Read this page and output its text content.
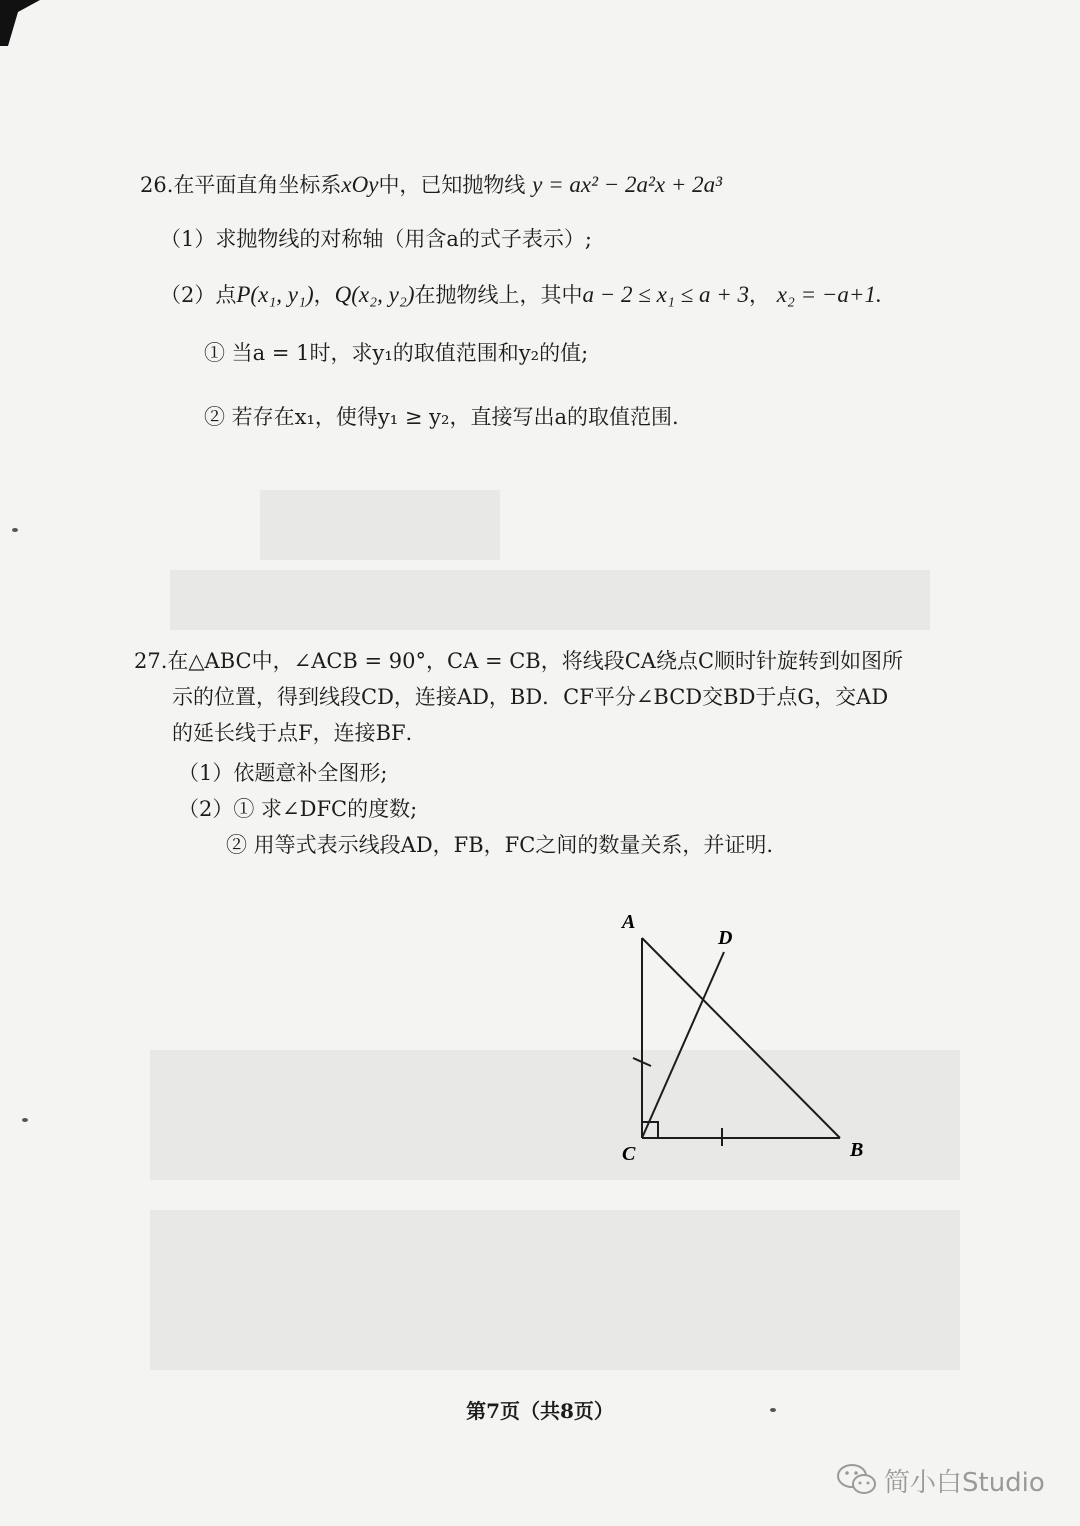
26.在平面直角坐标系xOy中，已知抛物线 y = ax² − 2a²x + 2a³
（1）求抛物线的对称轴（用含a的式子表示）;
（2）点P(x₁, y₁)，Q(x₂, y₂)在抛物线上，其中a − 2 ≤ x₁ ≤ a + 3， x₂ = −a+1.
① 当a = 1时，求y₁的取值范围和y₂的值;
② 若存在x₁，使得y₁ ≥ y₂，直接写出a的取值范围.
27.在△ABC中，∠ACB = 90°，CA = CB，将线段CA绕点C顺时针旋转到如图所
示的位置，得到线段CD，连接AD，BD．CF平分∠BCD交BD于点G，交AD
的延长线于点F，连接BF．
（1）依题意补全图形;
（2）① 求∠DFC的度数;
② 用等式表示线段AD，FB，FC之间的数量关系，并证明.
A
D
C	B
第7页（共8页）
简小白Studio
